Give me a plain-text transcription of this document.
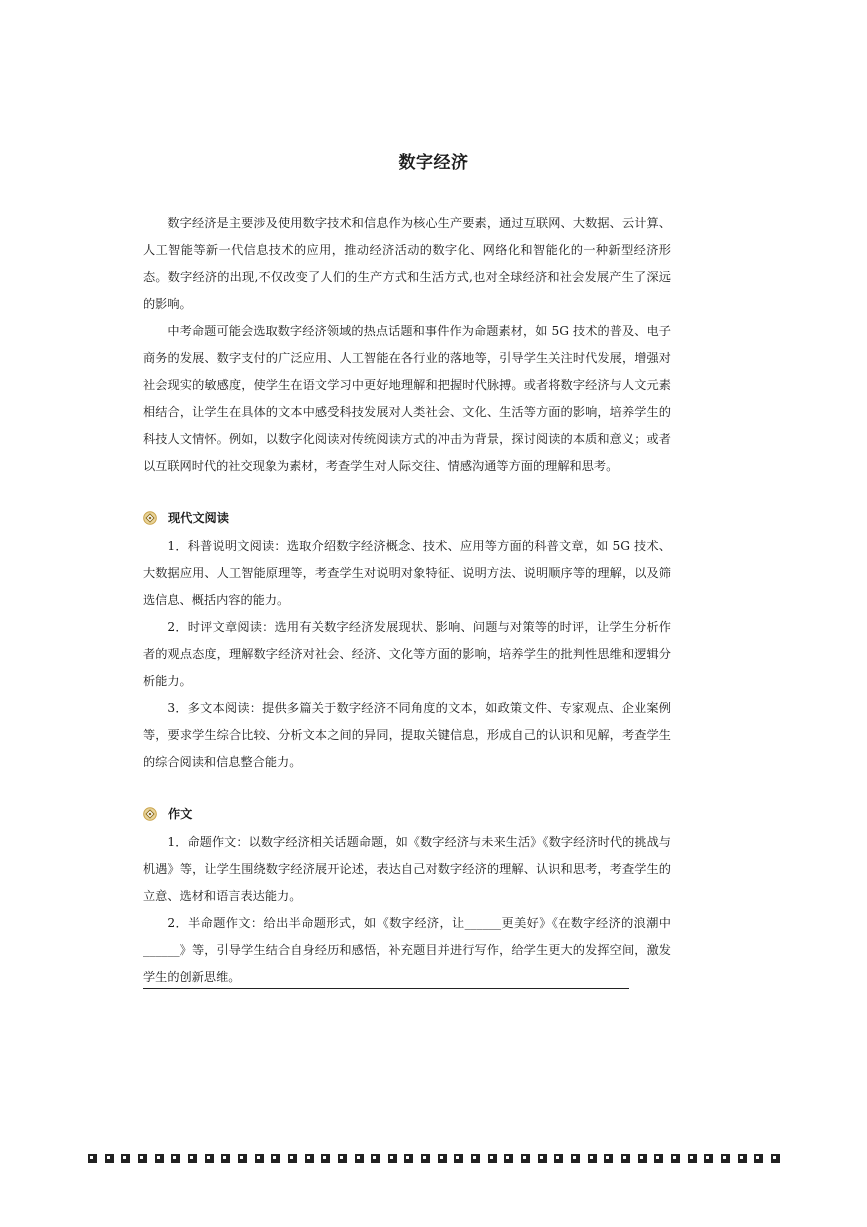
数字经济

数字经济是主要涉及使用数字技术和信息作为核心生产要素，通过互联网、大数据、云计算、人工智能等新一代信息技术的应用，推动经济活动的数字化、网络化和智能化的一种新型经济形态。数字经济的出现,不仅改变了人们的生产方式和生活方式,也对全球经济和社会发展产生了深远的影响。

中考命题可能会选取数字经济领域的热点话题和事件作为命题素材，如 5G 技术的普及、电子商务的发展、数字支付的广泛应用、人工智能在各行业的落地等，引导学生关注时代发展，增强对社会现实的敏感度，使学生在语文学习中更好地理解和把握时代脉搏。或者将数字经济与人文元素相结合，让学生在具体的文本中感受科技发展对人类社会、文化、生活等方面的影响，培养学生的科技人文情怀。例如，以数字化阅读对传统阅读方式的冲击为背景，探讨阅读的本质和意义；或者以互联网时代的社交现象为素材，考查学生对人际交往、情感沟通等方面的理解和思考。

现代文阅读

1．科普说明文阅读：选取介绍数字经济概念、技术、应用等方面的科普文章，如 5G 技术、大数据应用、人工智能原理等，考查学生对说明对象特征、说明方法、说明顺序等的理解，以及筛选信息、概括内容的能力。

2．时评文章阅读：选用有关数字经济发展现状、影响、问题与对策等的时评，让学生分析作者的观点态度，理解数字经济对社会、经济、文化等方面的影响，培养学生的批判性思维和逻辑分析能力。

3．多文本阅读：提供多篇关于数字经济不同角度的文本，如政策文件、专家观点、企业案例等，要求学生综合比较、分析文本之间的异同，提取关键信息，形成自己的认识和见解，考查学生的综合阅读和信息整合能力。

作文

1．命题作文：以数字经济相关话题命题，如《数字经济与未来生活》《数字经济时代的挑战与机遇》等，让学生围绕数字经济展开论述，表达自己对数字经济的理解、认识和思考，考查学生的立意、选材和语言表达能力。

2．半命题作文：给出半命题形式，如《数字经济，让______更美好》《在数字经济的浪潮中______》等，引导学生结合自身经历和感悟，补充题目并进行写作，给学生更大的发挥空间，激发学生的创新思维。
